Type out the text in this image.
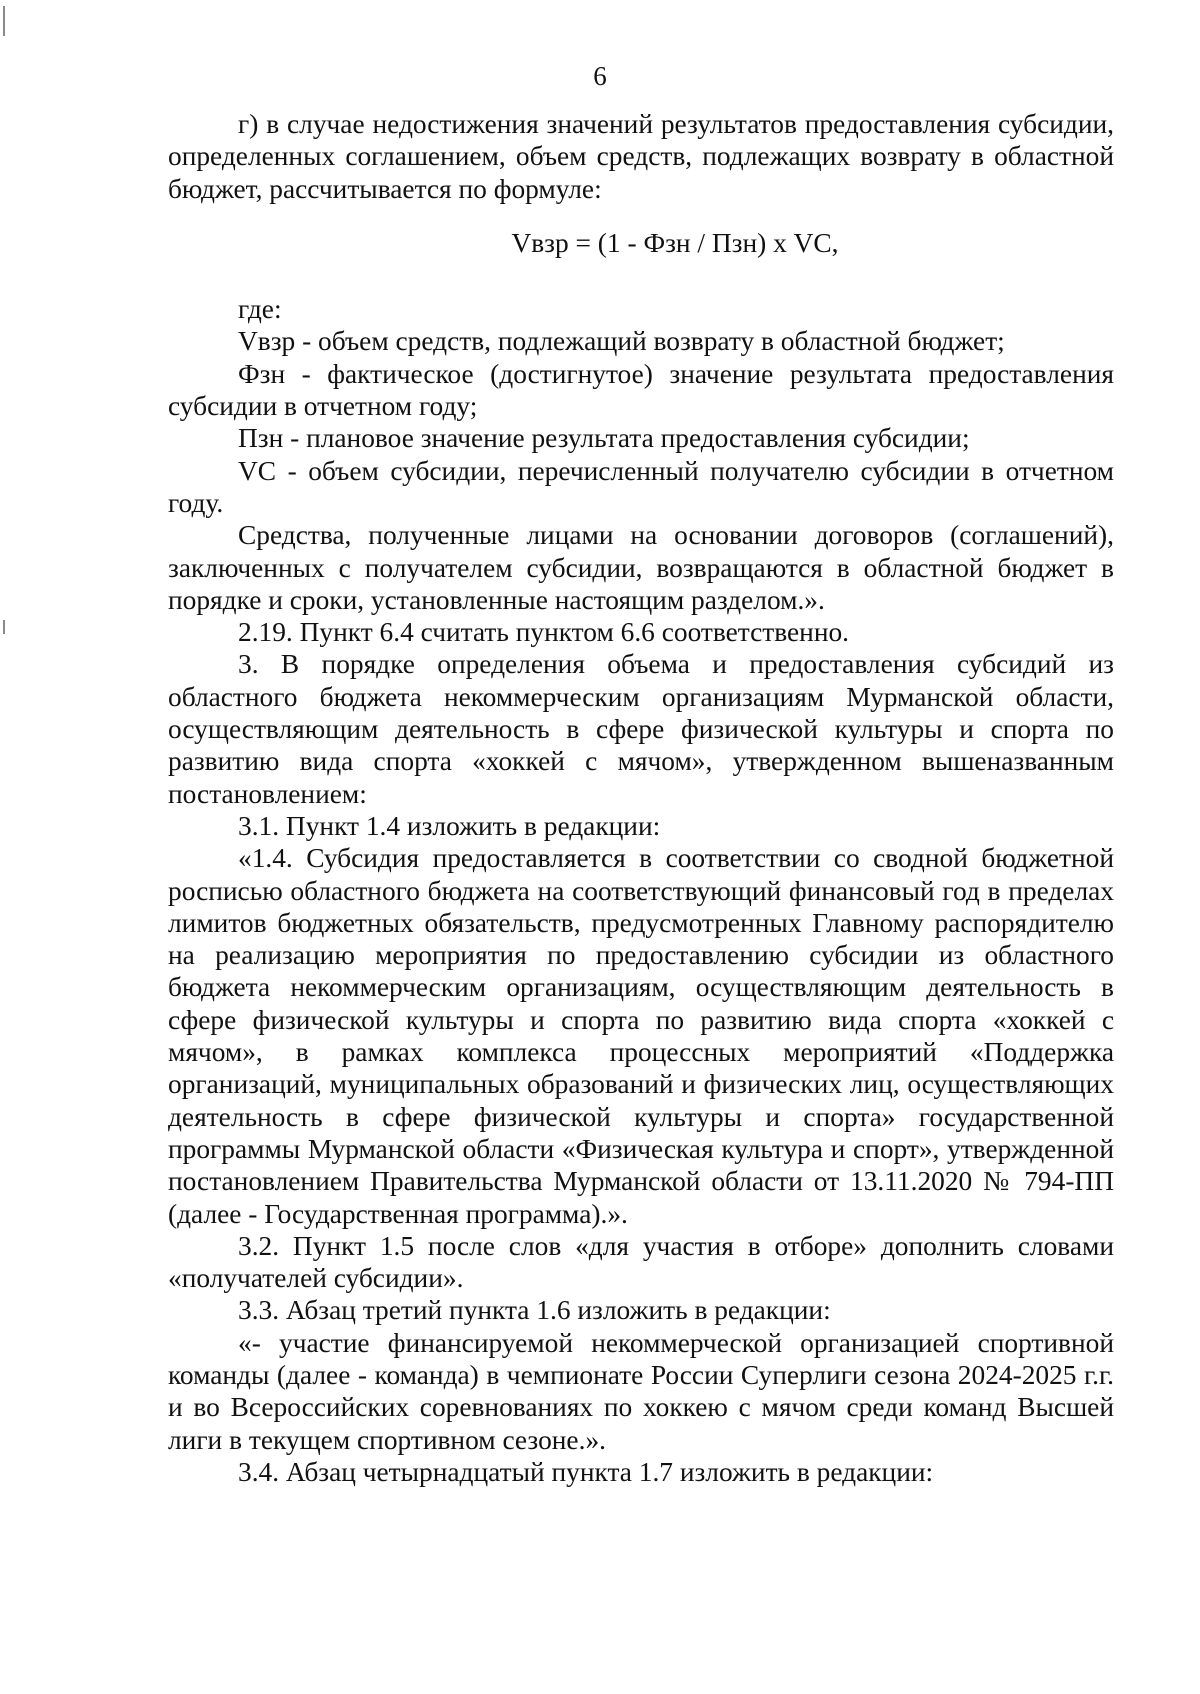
6

г) в случае недостижения значений результатов предоставления субсидии, определенных соглашением, объем средств, подлежащих возврату в областной бюджет, рассчитывается по формуле:

Vвзр = (1 - Фзн / Пзн) х VC,

где:

Vвзр - объем средств, подлежащий возврату в областной бюджет;

Фзн - фактическое (достигнутое) значение результата предоставления субсидии в отчетном году;

Пзн - плановое значение результата предоставления субсидии;

VC - объем субсидии, перечисленный получателю субсидии в отчетном году.

Средства, полученные лицами на основании договоров (соглашений), заключенных с получателем субсидии, возвращаются в областной бюджет в порядке и сроки, установленные настоящим разделом.».

2.19. Пункт 6.4 считать пунктом 6.6 соответственно.

3. В порядке определения объема и предоставления субсидий из областного бюджета некоммерческим организациям Мурманской области, осуществляющим деятельность в сфере физической культуры и спорта по развитию вида спорта «хоккей с мячом», утвержденном вышеназванным постановлением:

3.1. Пункт 1.4 изложить в редакции:

«1.4. Субсидия предоставляется в соответствии со сводной бюджетной росписью областного бюджета на соответствующий финансовый год в пределах лимитов бюджетных обязательств, предусмотренных Главному распорядителю на реализацию мероприятия по предоставлению субсидии из областного бюджета некоммерческим организациям, осуществляющим деятельность в сфере физической культуры и спорта по развитию вида спорта «хоккей с мячом», в рамках комплекса процессных мероприятий «Поддержка организаций, муниципальных образований и физических лиц, осуществляющих деятельность в сфере физической культуры и спорта» государственной программы Мурманской области «Физическая культура и спорт», утвержденной постановлением Правительства Мурманской области от 13.11.2020 № 794-ПП (далее - Государственная программа).».

3.2. Пункт 1.5 после слов «для участия в отборе» дополнить словами «получателей субсидии».

3.3. Абзац третий пункта 1.6 изложить в редакции:

«- участие финансируемой некоммерческой организацией спортивной команды (далее - команда) в чемпионате России Суперлиги сезона 2024-2025 г.г. и во Всероссийских соревнованиях по хоккею с мячом среди команд Высшей лиги в текущем спортивном сезоне.».

3.4. Абзац четырнадцатый пункта 1.7 изложить в редакции:
